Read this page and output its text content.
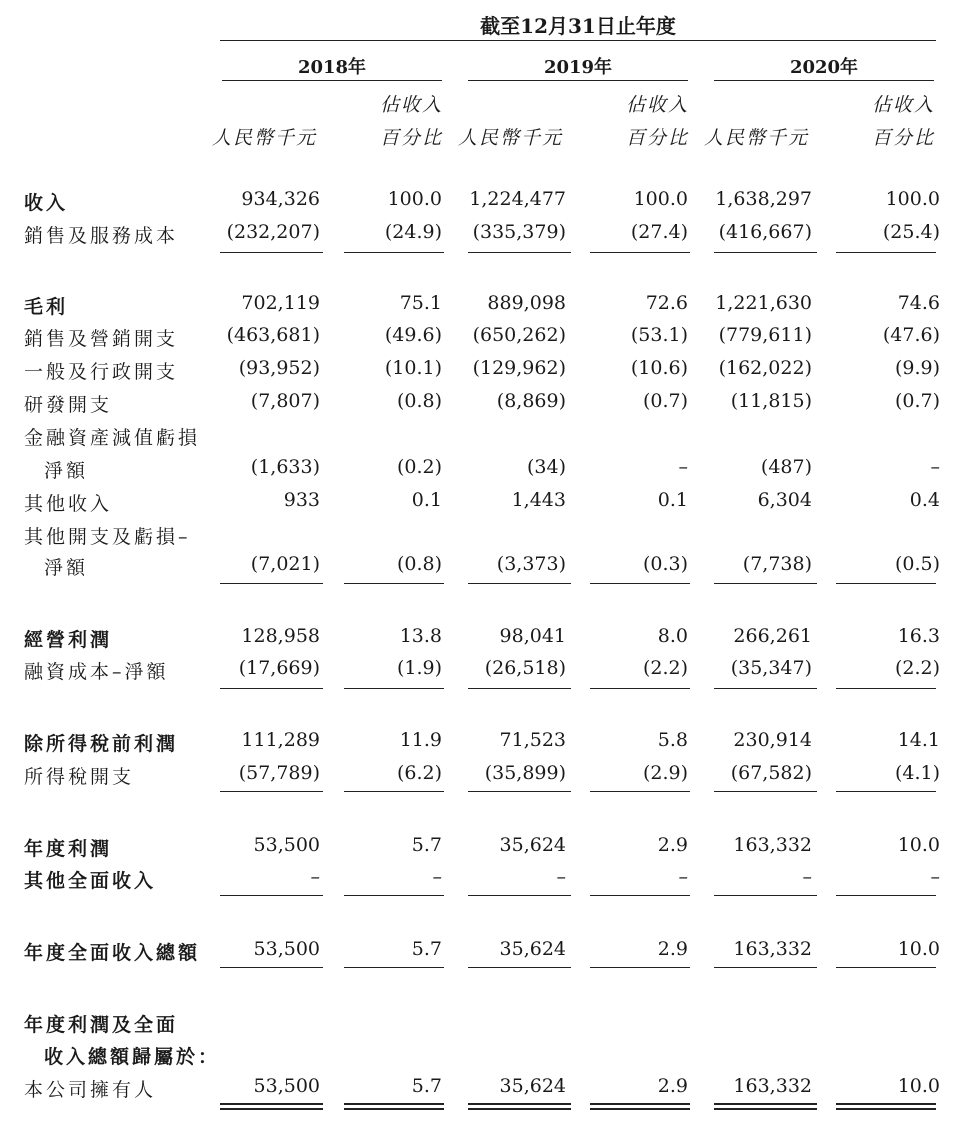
截至12月31日止年度
2018年	2019年	2020年
佔收入	佔收入	佔收入
人民幣千元	百分比 人民幣千元	百分比 人民幣千元	百分比
收入	934,326	100.0	1,224,477	100.0	1,638,297	100.0
銷售及服務成本	(232,207)	(24.9)	(335,379)	(27.4)	(416,667)	(25.4)
毛利	702,119	75.1	889,098	72.6	1,221,630	74.6
銷售及營銷開支	(463,681)	(49.6)	(650,262)	(53.1)	(779,611)	(47.6)
一般及行政開支	(93,952)	(10.1)	(129,962)	(10.6)	(162,022)	(9.9)
研發開支	(7,807)	(0.8)	(8,869)	(0.7)	(11,815)	(0.7)
金融資產減值虧損
淨額	(1,633)	(0.2)	(34)	–	(487)	–
其他收入	933	0.1	1,443	0.1	6,304	0.4
其他開支及虧損–
淨額	(7,021)	(0.8)	(3,373)	(0.3)	(7,738)	(0.5)
經營利潤	128,958	13.8	98,041	8.0	266,261	16.3
融資成本–淨額	(17,669)	(1.9)	(26,518)	(2.2)	(35,347)	(2.2)
除所得稅前利潤	111,289	11.9	71,523	5.8	230,914	14.1
所得稅開支	(57,789)	(6.2)	(35,899)	(2.9)	(67,582)	(4.1)
年度利潤	53,500	5.7	35,624	2.9	163,332	10.0
其他全面收入	–	–	–	–	–	–
年度全面收入總額	53,500	5.7	35,624	2.9	163,332	10.0
年度利潤及全面
收入總額歸屬於：
本公司擁有人	53,500	5.7	35,624	2.9	163,332	10.0
